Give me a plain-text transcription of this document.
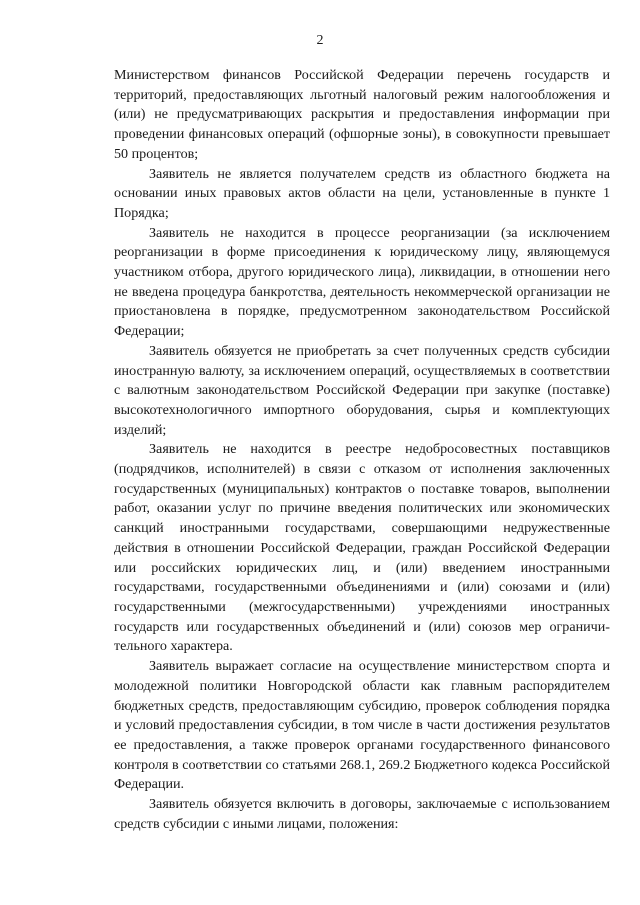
2

Министерством финансов Российской Федерации перечень государств и территорий, предоставляющих льготный налоговый режим налогообложения и (или) не предусматривающих раскрытия и предоставления информации при проведении финансовых операций (офшорные зоны), в совокупности превышает 50 процентов;

Заявитель не является получателем средств из областного бюджета на основании иных правовых актов области на цели, установленные в пункте 1 Порядка;

Заявитель не находится в процессе реорганизации (за исключением реорганизации в форме присоединения к юридическому лицу, являющемуся участником отбора, другого юридического лица), ликвидации, в отношении него не введена процедура банкротства, деятельность некоммерческой организации не приостановлена в порядке, предусмотренном законодательством Российской Федерации;

Заявитель обязуется не приобретать за счет полученных средств субсидии иностранную валюту, за исключением операций, осуществляемых в соответствии с валютным законодательством Российской Федерации при закупке (поставке) высокотехнологичного импортного оборудования, сырья и комплектующих изделий;

Заявитель не находится в реестре недобросовестных поставщиков (подрядчиков, исполнителей) в связи с отказом от исполнения заключенных государственных (муниципальных) контрактов о поставке товаров, выполнении работ, оказании услуг по причине введения политических или экономических санкций иностранными государствами, совершающими недружественные действия в отношении Российской Федерации, граждан Российской Федерации или российских юридических лиц, и (или) введением иностранными государствами, государственными объединениями и (или) союзами и (или) государственными (межгосударственными) учреждениями иностранных государств или государственных объединений и (или) союзов мер ограничительного характера.

Заявитель выражает согласие на осуществление министерством спорта и молодежной политики Новгородской области как главным распорядителем бюджетных средств, предоставляющим субсидию, проверок соблюдения порядка и условий предоставления субсидии, в том числе в части достижения результатов ее предоставления, а также проверок органами государственного финансового контроля в соответствии со статьями 268.1, 269.2 Бюджетного кодекса Российской Федерации.

Заявитель обязуется включить в договоры, заключаемые с использованием средств субсидии с иными лицами, положения:
